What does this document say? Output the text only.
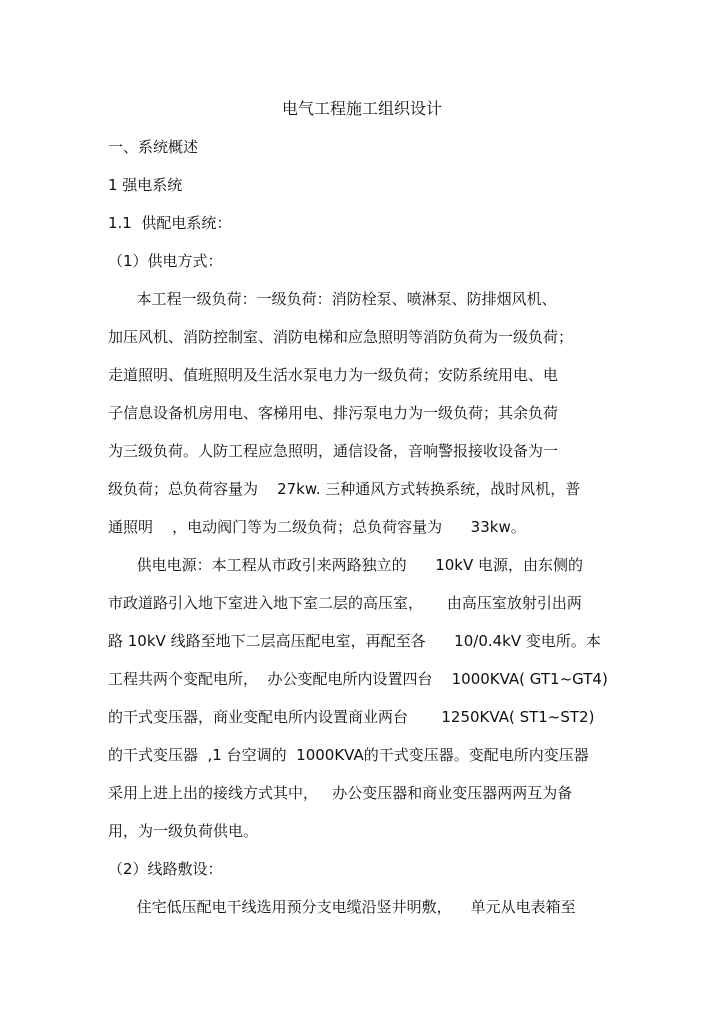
电气工程施工组织设计
一、系统概述
1 强电系统
1.1  供配电系统：
（1）供电方式：
本工程一级负荷：一级负荷：消防栓泵、喷淋泵、防排烟风机、
加压风机、消防控制室、消防电梯和应急照明等消防负荷为一级负荷；
走道照明、值班照明及生活水泵电力为一级负荷；安防系统用电、电
子信息设备机房用电、客梯用电、排污泵电力为一级负荷；其余负荷
为三级负荷。人防工程应急照明，通信设备，音响警报接收设备为一
级负荷；总负荷容量为    27kw. 三种通风方式转换系统，战时风机，普
通照明    ，电动阀门等为二级负荷；总负荷容量为      33kw。
供电电源：本工程从市政引来两路独立的      10kV 电源，由东侧的
市政道路引入地下室进入地下室二层的高压室，     由高压室放射引出两
路 10kV 线路至地下二层高压配电室，再配至各      10/0.4kV 变电所。本
工程共两个变配电所，  办公变配电所内设置四台    1000KVA( GT1~GT4)
的干式变压器，商业变配电所内设置商业两台       1250KVA( ST1~ST2)
的干式变压器  ,1 台空调的  1000KVA的干式变压器。变配电所内变压器
采用上进上出的接线方式其中，   办公变压器和商业变压器两两互为备
用，为一级负荷供电。
（2）线路敷设：
住宅低压配电干线选用预分支电缆沿竖井明敷，    单元从电表箱至
